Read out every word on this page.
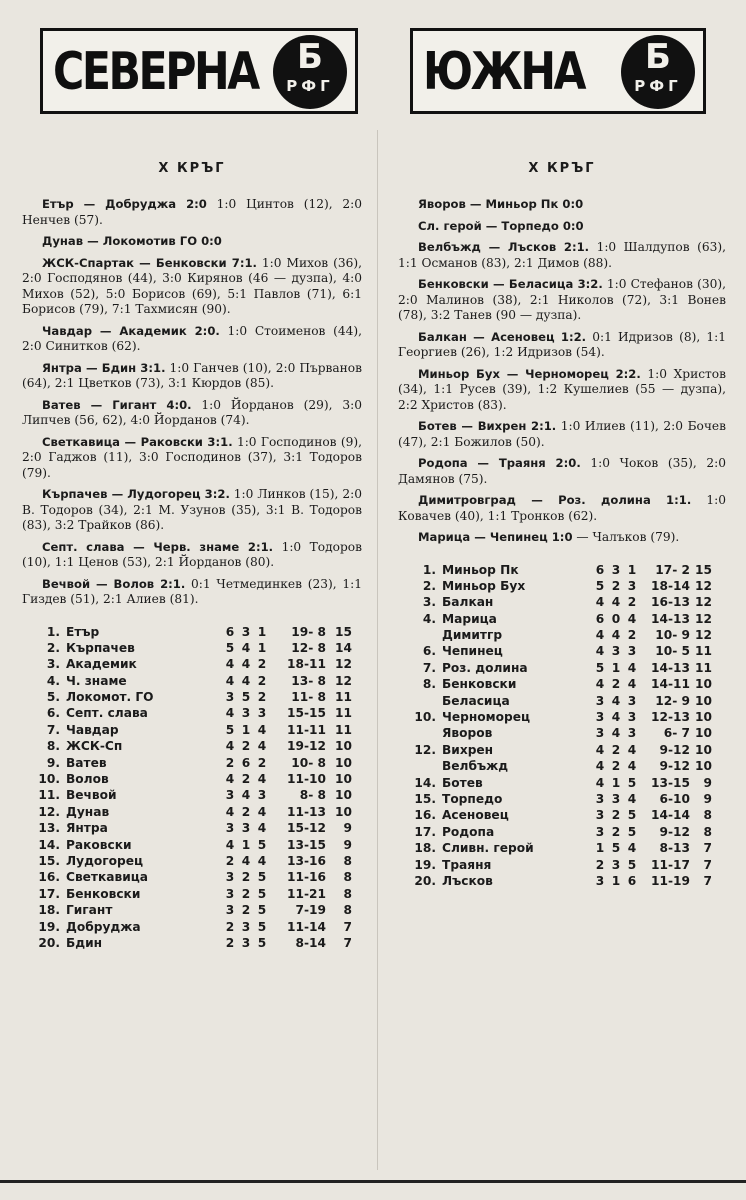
СЕВЕРНА	Б
РФГ
X КРЪГ
Етър — Добруджа 2:0 1:0 Цинтов (12), 2:0 Ненчев (57).
Дунав — Локомотив ГО 0:0
ЖСК-Спартак — Бенковски 7:1. 1:0 Михов (36), 2:0 Господянов (44), 3:0 Кирянов (46 — дузпа), 4:0 Михов (52), 5:0 Борисов (69), 5:1 Павлов (71), 6:1 Борисов (79), 7:1 Тахмисян (90).
Чавдар — Академик 2:0. 1:0 Стоименов (44), 2:0 Синитков (62).
Янтра — Бдин 3:1. 1:0 Ганчев (10), 2:0 Първанов (64), 2:1 Цветков (73), 3:1 Кюрдов (85).
Ватев — Гигант 4:0. 1:0 Йорданов (29), 3:0 Липчев (56, 62), 4:0 Йорданов (74).
Светкавица — Раковски 3:1. 1:0 Господинов (9), 2:0 Гаджов (11), 3:0 Господинов (37), 3:1 Тодоров (79).
Кърпачев — Лудогорец 3:2. 1:0 Линков (15), 2:0 В. Тодоров (34), 2:1 М. Узунов (35), 3:1 В. Тодоров (83), 3:2 Трайков (86).
Септ. слава — Черв. знаме 2:1. 1:0 Тодоров (10), 1:1 Ценов (53), 2:1 Йорданов (80).
Вечвой — Волов 2:1. 0:1 Четмединкев (23), 1:1 Гиздев (51), 2:1 Алиев (81).
1. Етър	6 3 1	19- 8 15
2. Кърпачев	5 4 1	12- 8 14
3. Академик	4 4 2	18-11 12
4. Ч. знаме	4 4 2	13- 8 12
5. Локомот. ГО	3 5 2	11- 8 11
6. Септ. слава	4 3 3	15-15 11
7. Чавдар	5 1 4	11-11 11
8. ЖСК-Сп	4 2 4	19-12 10
9. Ватев	2 6 2	10- 8 10
10. Волов	4 2 4	11-10 10
11. Вечвой	3 4 3	8- 8 10
12. Дунав	4 2 4	11-13 10
13. Янтра	3 3 4	15-12	9
14. Раковски	4 1 5	13-15	9
15. Лудогорец	2 4 4	13-16	8
16. Светкавица	3 2 5	11-16	8
17. Бенковски	3 2 5	11-21	8
18. Гигант	3 2 5	7-19	8
19. Добруджа	2 3 5	11-14	7
20. Бдин	2 3 5	8-14	7
ЮЖНА	Б
РФГ
X КРЪГ
Яворов — Миньор Пк 0:0
Сл. герой — Торпедо 0:0
Велбъжд — Лъсков 2:1. 1:0 Шалдупов (63), 1:1 Османов (83), 2:1 Димов (88).
Бенковски — Беласица 3:2. 1:0 Стефанов (30), 2:0 Малинов (38), 2:1 Николов (72), 3:1 Вонев (78), 3:2 Танев (90 — дузпа).
Балкан — Асеновец 1:2. 0:1 Идризов (8), 1:1 Георгиев (26), 1:2 Идризов (54).
Миньор Бух — Черноморец 2:2. 1:0 Христов (34), 1:1 Русев (39), 1:2 Кушелиев (55 — дузпа), 2:2 Христов (83).
Ботев — Вихрен 2:1. 1:0 Илиев (11), 2:0 Бочев (47), 2:1 Божилов (50).
Родопа — Траяня 2:0. 1:0 Чоков (35), 2:0 Дамянов (75).
Димитровград — Роз. долина 1:1. 1:0 Ковачев (40), 1:1 Тронков (62).
Марица — Чепинец 1:0 — Чалъков (79).
1. Миньор Пк	6 3 1	17- 2 15
2. Миньор Бух	5 2 3	18-14 12
3. Балкан	4 4 2	16-13 12
4. Марица	6 0 4	14-13 12
Димитгр	4 4 2	10- 9 12
6. Чепинец	4 3 3	10- 5 11
7. Роз. долина	5 1 4	14-13 11
8. Бенковски	4 2 4	14-11 10
Беласица	3 4 3	12- 9 10
10. Черноморец	3 4 3	12-13 10
Яворов	3 4 3	6- 7 10
12. Вихрен	4 2 4	9-12 10
Велбъжд	4 2 4	9-12 10
14. Ботев	4 1 5	13-15	9
15. Торпедо	3 3 4	6-10	9
16. Асеновец	3 2 5	14-14	8
17. Родопа	3 2 5	9-12	8
18. Сливн. герой	1 5 4	8-13	7
19. Траяня	2 3 5	11-17	7
20. Лъсков	3 1 6	11-19	7
